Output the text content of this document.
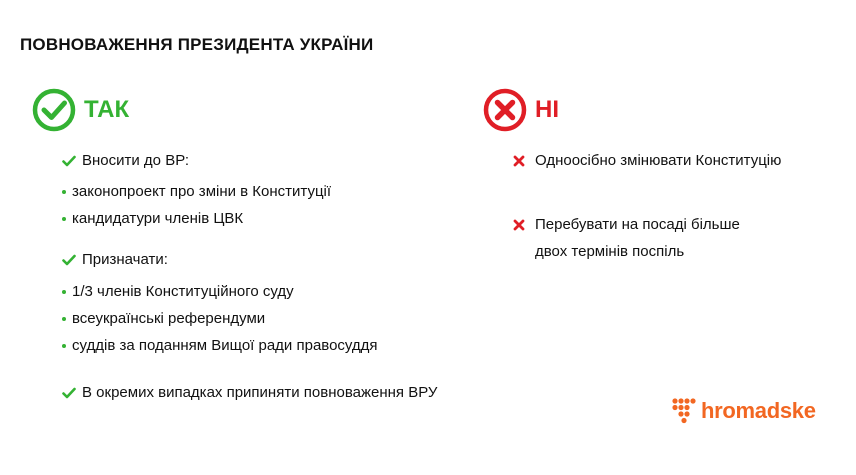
ПОВНОВАЖЕННЯ ПРЕЗИДЕНТА УКРАЇНИ
ТАК	НІ
Вносити до ВР:
законопроект про зміни в Конституції
кандидатури членів ЦВК
Призначати:
1/3 членів Конституційного суду
всеукраїнські референдуми
суддів за поданням Вищої ради правосуддя
В окремих випадках припиняти повноваження ВРУ
Одноосібно змінювати Конституцію
Перебувати на посаді більше
двох термінів поспіль
hromadske
